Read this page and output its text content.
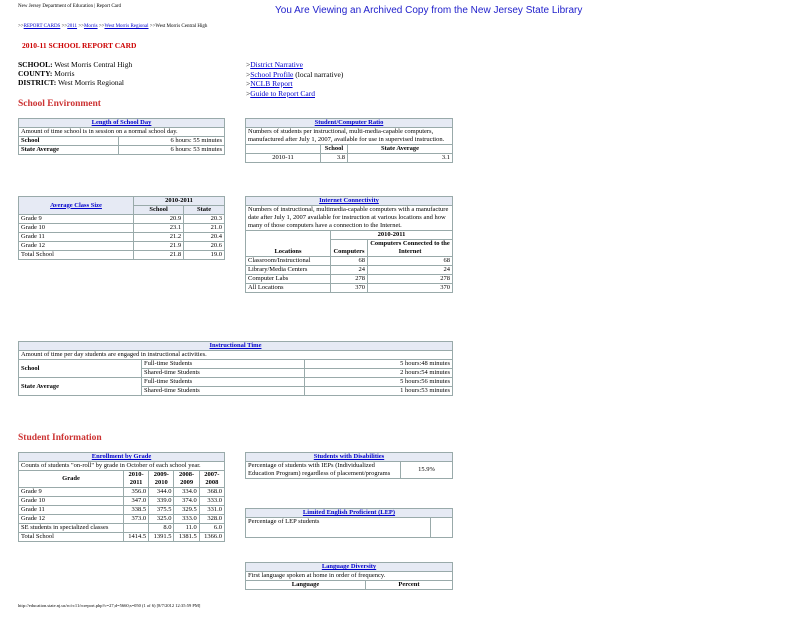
New Jersey Department of Education | Report Card	You Are Viewing an Archived Copy from the New Jersey State Library
>>REPORT CARDS >>2011 >>Morris >>West Morris Regional >>West Morris Central High
2010-11 SCHOOL REPORT CARD
SCHOOL: West Morris Central High
COUNTY: Morris
DISTRICT: West Morris Regional
>District Narrative
>School Profile (local narrative)
>NCLB Report
>Guide to Report Card
School Environment
Length of School Day	
Amount of time school is in session on a normal school day.	
School	6 hours: 55 minutes
State Average	6 hours: 53 minutes
Student/Computer Ratio		
Numbers of students per instructional, multi-media-capable computers, manufactured after July 1, 2007, available for use in supervised instruction.		
	School	State Average
2010-11	3.8	3.1
Average Class Size	2010-2011	
	School	State
Grade 9	20.9	20.3
Grade 10	23.1	21.0
Grade 11	21.2	20.4
Grade 12	21.9	20.6
Total School	21.8	19.0
Internet Connectivity		
Numbers of instructional, multimedia-capable computers with a manufacture date after July 1, 2007 available for instruction at various locations and how many of those computers have a connection to the Internet.		
	2010-2011	
Locations	Computers	Computers Connected to the Internet
Classroom/Instructional	68	68
Library/Media Centers	24	24
Computer Labs	278	278
All Locations	370	370
Instructional Time		
Amount of time per day students are engaged in instructional activities.		
School	Full-time Students	5 hours:48 minutes
	Shared-time Students	2 hours:54 minutes
State Average	Full-time Students	5 hours:56 minutes
	Shared-time Students	1 hours:53 minutes
Student Information
Enrollment by Grade				
Counts of students "on-roll" by grade in October of each school year.				
Grade	2010-2011	2009-2010	2008-2009	2007-2008
Grade 9	356.0	344.0	334.0	368.0
Grade 10	347.0	339.0	374.0	333.0
Grade 11	338.5	375.5	329.5	331.0
Grade 12	373.0	325.0	333.0	328.0
SE students in specialized classes		8.0	11.0	6.0
Total School	1414.5	1391.5	1381.5	1366.0
Students with Disabilities
Percentage of students with IEPs (Individualized Education Program) regardless of placement/programs	15.9%
Limited English Proficient (LEP)
Percentage of LEP students	
Language Diversity
First language spoken at home in order of frequency.
Language	Percent
http://education.state.nj.us/rc/rc11/rcreport.php?c=27;d=5660;s=050 (1 of 6) [8/7/2012 12:35:59 PM]
